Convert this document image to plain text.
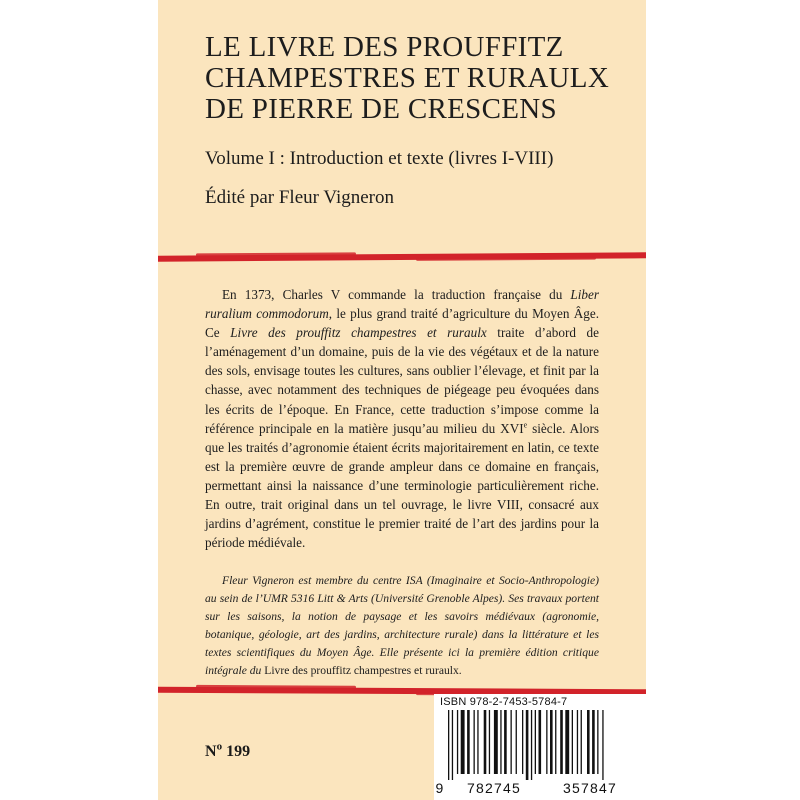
LE LIVRE DES PROUFFITZ
CHAMPESTRES ET RURAULX
DE PIERRE DE CRESCENS
Volume I : Introduction et texte (livres I-VIII)
Édité par Fleur Vigneron
En 1373, Charles V commande la traduction française du Liber ruralium commodorum, le plus grand traité d’agriculture du Moyen Âge. Ce Livre des prouffitz champestres et ruraulx traite d’abord de l’aménagement d’un domaine, puis de la vie des végétaux et de la nature des sols, envisage toutes les cultures, sans oublier l’élevage, et finit par la chasse, avec notamment des techniques de piégeage peu évoquées dans les écrits de l’époque. En France, cette traduction s’impose comme la référence principale en la matière jusqu’au milieu du XVIe siècle. Alors que les traités d’agronomie étaient écrits majoritairement en latin, ce texte est la première œuvre de grande ampleur dans ce domaine en français, permettant ainsi la naissance d’une terminologie particulièrement riche. En outre, trait original dans un tel ouvrage, le livre VIII, consacré aux jardins d’agrément, constitue le premier traité de l’art des jardins pour la période médiévale.
Fleur Vigneron est membre du centre ISA (Imaginaire et Socio-Anthropologie) au sein de l’UMR 5316 Litt & Arts (Université Grenoble Alpes). Ses travaux portent sur les saisons, la notion de paysage et les savoirs médiévaux (agronomie, botanique, géologie, art des jardins, architecture rurale) dans la littérature et les textes scientifiques du Moyen Âge. Elle présente ici la première édition critique intégrale du Livre des prouffitz champestres et ruraulx.
$N^o$ 199
ISBN 978-2-7453-5784-7
9 782745	357847
